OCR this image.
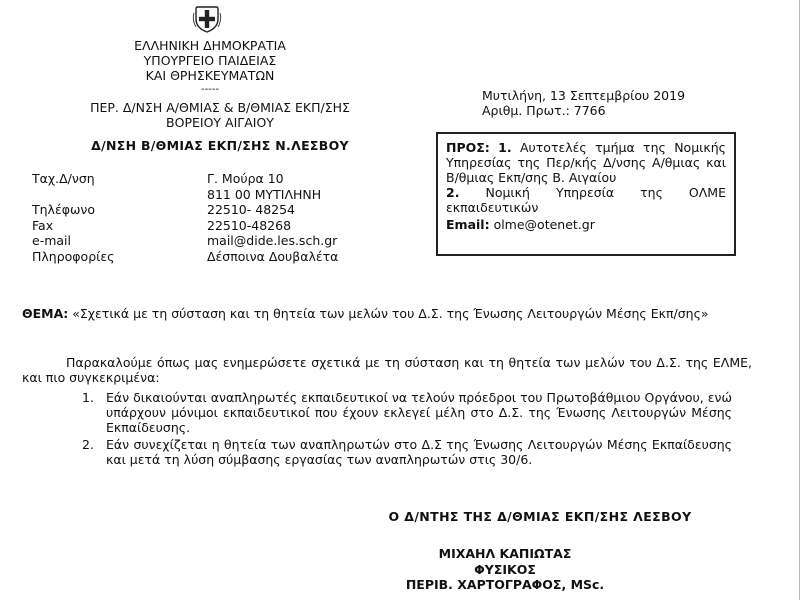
ΕΛΛΗΝΙΚΗ ΔΗΜΟΚΡΑΤΙΑ
ΥΠΟΥΡΓΕΙΟ ΠΑΙΔΕΙΑΣ
ΚΑΙ ΘΡΗΣΚΕΥΜΑΤΩΝ
-----
ΠΕΡ. Δ/ΝΣΗ Α/ΘΜΙΑΣ & Β/ΘΜΙΑΣ ΕΚΠ/ΣΗΣ
ΒΟΡΕΙΟΥ ΑΙΓΑΙΟΥ
Δ/ΝΣΗ Β/ΘΜΙΑΣ ΕΚΠ/ΣΗΣ Ν.ΛΕΣΒΟΥ
Ταχ.Δ/νση	Γ. Μούρα 10
811 00 ΜΥΤΙΛΗΝΗ
Τηλέφωνο	22510- 48254
Fax	22510-48268
e-mail	mail@dide.les.sch.gr
Πληροφορίες	Δέσποινα Δουβαλέτα
Μυτιλήνη, 13 Σεπτεμβρίου 2019
Αριθμ. Πρωτ.: 7766
ΠΡΟΣ: 1. Αυτοτελές τμήμα της Νομικής Υπηρεσίας της Περ/κής Δ/νσης Α/θμιας και Β/θμιας Εκπ/σης Β. Αιγαίου
2. Νομική Υπηρεσία της ΟΛΜΕ εκπαιδευτικών
Email: olme@otenet.gr
ΘΕΜΑ: «Σχετικά με τη σύσταση και τη θητεία των μελών του Δ.Σ. της Ένωσης Λειτουργών Μέσης Εκπ/σης»
Παρακαλούμε όπως μας ενημερώσετε σχετικά με τη σύσταση και τη θητεία των μελών του Δ.Σ. της ΕΛΜΕ, και πιο συγκεκριμένα:
1. Εάν δικαιούνται αναπληρωτές εκπαιδευτικοί να τελούν πρόεδροι του Πρωτοβάθμιου Οργάνου, ενώ υπάρχουν μόνιμοι εκπαιδευτικοί που έχουν εκλεγεί μέλη στο Δ.Σ. της Ένωσης Λειτουργών Μέσης Εκπαίδευσης.
2. Εάν συνεχίζεται η θητεία των αναπληρωτών στο Δ.Σ της Ένωσης Λειτουργών Μέσης Εκπαίδευσης και μετά τη λύση σύμβασης εργασίας των αναπληρωτών στις 30/6.
Ο Δ/ΝΤΗΣ ΤΗΣ Δ/ΘΜΙΑΣ ΕΚΠ/ΣΗΣ ΛΕΣΒΟΥ
ΜΙΧΑΗΛ ΚΑΠΙΩΤΑΣ
ΦΥΣΙΚΟΣ
ΠΕΡΙΒ. ΧΑΡΤΟΓΡΑΦΟΣ, MSc.
